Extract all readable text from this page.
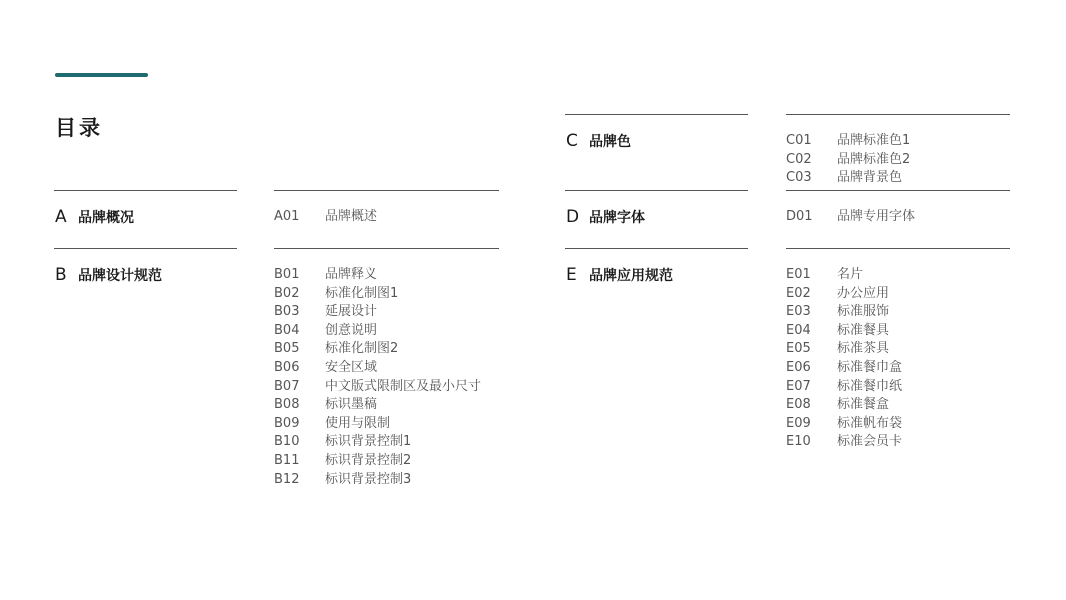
目录
A 品牌概况	A01	品牌概述
B 品牌设计规范	B01	品牌释义
B02	标准化制图1
B03	延展设计
B04	创意说明
B05	标准化制图2
B06	安全区域
B07	中文版式限制区及最小尺寸
B08	标识墨稿
B09	使用与限制
B10	标识背景控制1
B11	标识背景控制2
B12	标识背景控制3
C 品牌色	C01	品牌标准色1
C02	品牌标准色2
C03	品牌背景色
D 品牌字体	D01	品牌专用字体
E 品牌应用规范	E01	名片
E02	办公应用
E03	标准服饰
E04	标准餐具
E05	标准茶具
E06	标准餐巾盒
E07	标准餐巾纸
E08	标准餐盒
E09	标准帆布袋
E10	标准会员卡
